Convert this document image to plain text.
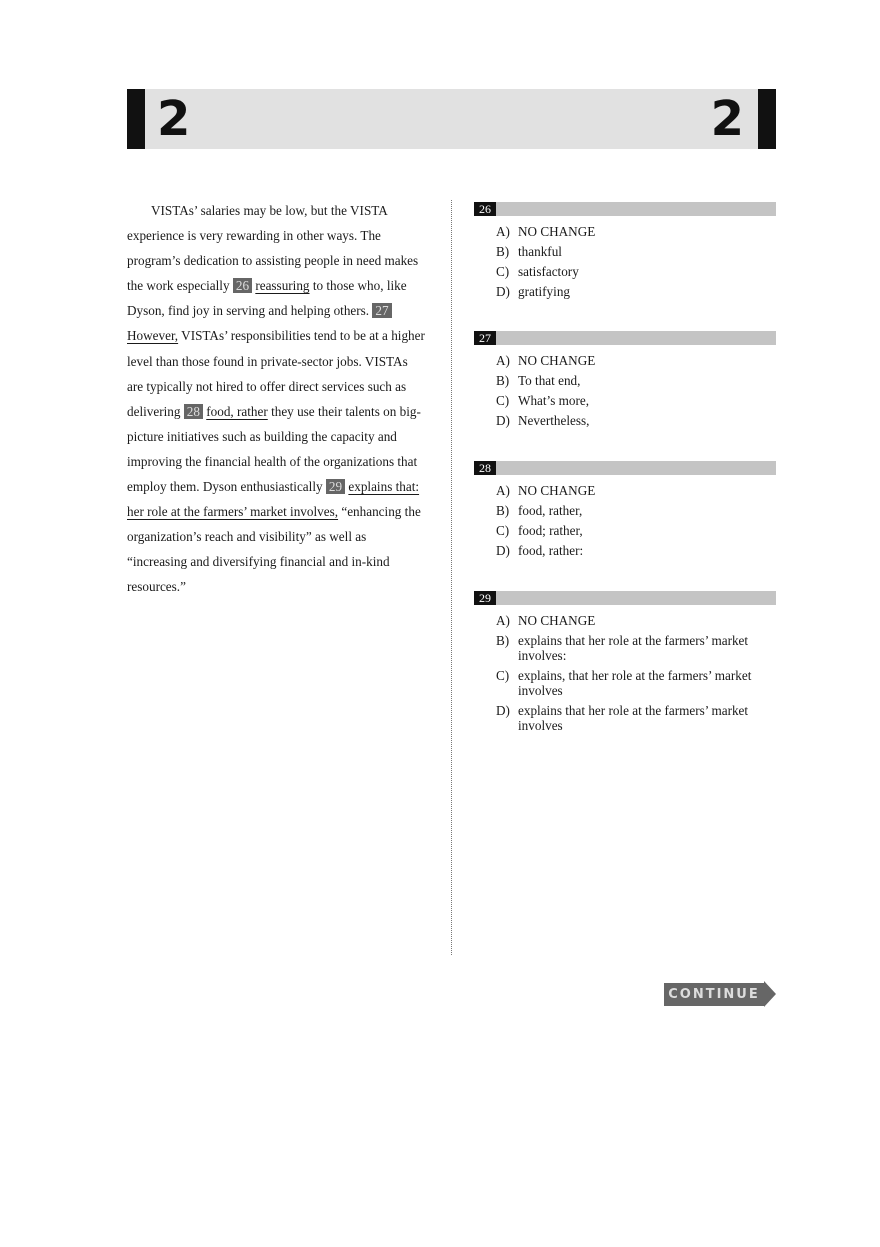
2	2

VISTAs’ salaries may be low, but the VISTA experience is very rewarding in other ways. The program’s dedication to assisting people in need makes the work especially 26 reassuring to those who, like Dyson, find joy in serving and helping others. 27 However, VISTAs’ responsibilities tend to be at a higher level than those found in private-sector jobs. VISTAs are typically not hired to offer direct services such as delivering 28 food, rather they use their talents on big-picture initiatives such as building the capacity and improving the financial health of the organizations that employ them. Dyson enthusiastically 29 explains that: her role at the farmers’ market involves, “enhancing the organization’s reach and visibility” as well as “increasing and diversifying financial and in-kind resources.”

26
A) NO CHANGE
B) thankful
C) satisfactory
D) gratifying
27
A) NO CHANGE
B) To that end,
C) What’s more,
D) Nevertheless,
28
A) NO CHANGE
B) food, rather,
C) food; rather,
D) food, rather:
29
A) NO CHANGE
B) explains that her role at the farmers’ market involves:
C) explains, that her role at the farmers’ market involves
D) explains that her role at the farmers’ market involves
CONTINUE
